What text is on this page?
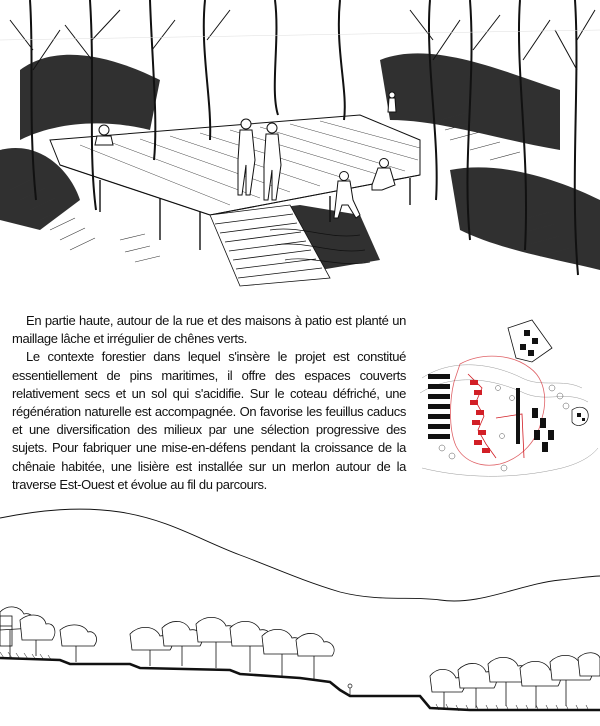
En partie haute, autour de la rue et des maisons à patio est planté un maillage lâche et irrégulier de chênes verts.

Le contexte forestier dans lequel s'insère le projet est constitué essentiellement de pins maritimes, il offre des espaces couverts relativement secs et un sol qui s'acidifie. Sur le coteau défriché, une régénération naturelle est accompagnée. On favorise les feuillus caducs et une diversification des milieux par une sélection progressive des sujets. Pour fabriquer une mise-en-défens pendant la croissance de la chênaie habitée, une lisière est installée sur un merlon autour de la traverse Est-Ouest et évolue au fil du parcours.
